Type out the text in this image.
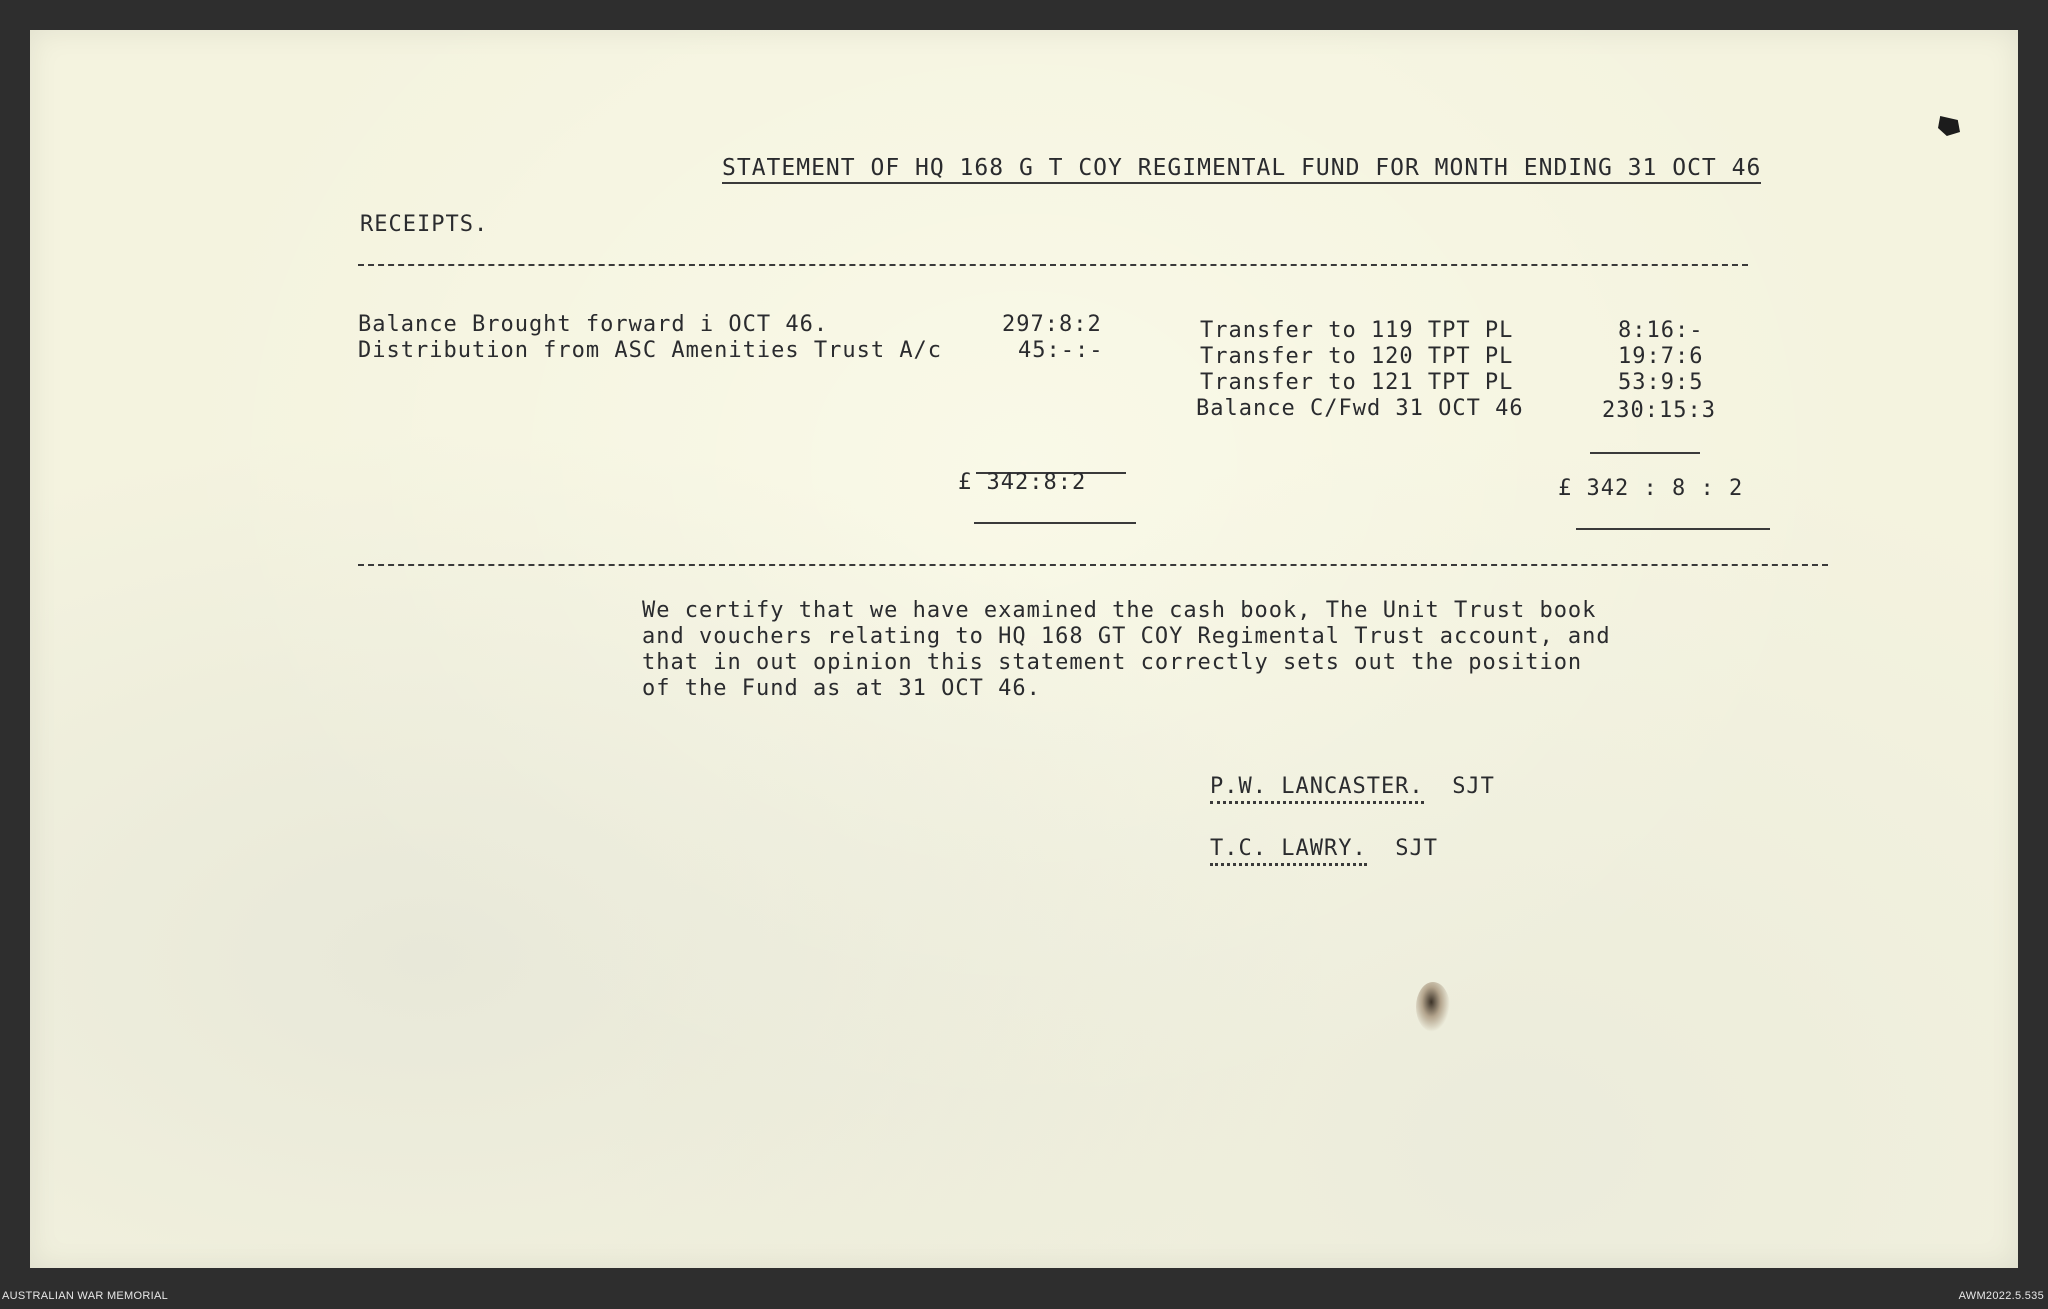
STATEMENT OF HQ 168 G T COY REGIMENTAL FUND FOR MONTH ENDING 31 OCT 46
RECEIPTS.
Balance Brought forward i OCT 46.	297:8:2
Distribution from ASC Amenities Trust A/c	45:-:-
Transfer to 119 TPT PL	8:16:-
Transfer to 120 TPT PL	19:7:6
Transfer to 121 TPT PL	53:9:5
Balance C/Fwd 31 OCT 46	230:15:3
£ 342:8:2	£ 342 : 8 : 2
We certify that we have examined the cash book, The Unit Trust book
and vouchers relating to HQ 168 GT COY Regimental Trust account, and
that in out opinion this statement correctly sets out the position
of the Fund as at 31 OCT 46.
P.W. LANCASTER. SJT
T.C. LAWRY. SJT
AUSTRALIAN WAR MEMORIAL	AWM2022.5.535
